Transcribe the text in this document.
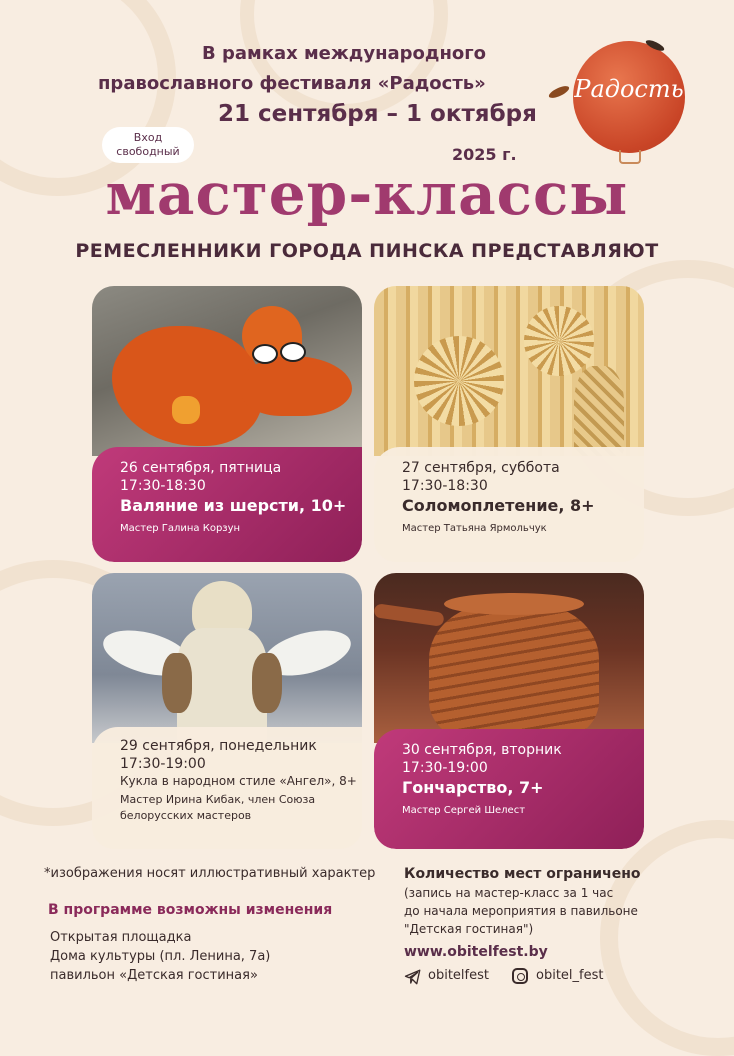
В рамках международного
православного фестиваля «Радость»
21 сентября – 1 октября
2025 г.
Вход свободный
Радость
мастер-классы
РЕМЕСЛЕННИКИ ГОРОДА ПИНСКА ПРЕДСТАВЛЯЮТ
26 сентября, пятница
17:30-18:30
Валяние из шерсти, 10+
Мастер Галина Корзун
27 сентября, суббота
17:30-18:30
Соломоплетение, 8+
Мастер Татьяна Ярмольчук
29 сентября, понедельник
17:30-19:00
Кукла в народном стиле «Ангел», 8+
Мастер Ирина Кибак, член Союза
белорусских мастеров
30 сентября, вторник
17:30-19:00
Гончарство, 7+
Мастер Сергей Шелест
*изображения носят иллюстративный характер
В программе возможны изменения
Открытая площадка
Дома культуры (пл. Ленина, 7а)
павильон «Детская гостиная»
Количество мест ограничено
(запись на мастер-класс за 1 час
до начала мероприятия в павильоне
"Детская гостиная")
www.obitelfest.by
obitelfest	obitel_fest
